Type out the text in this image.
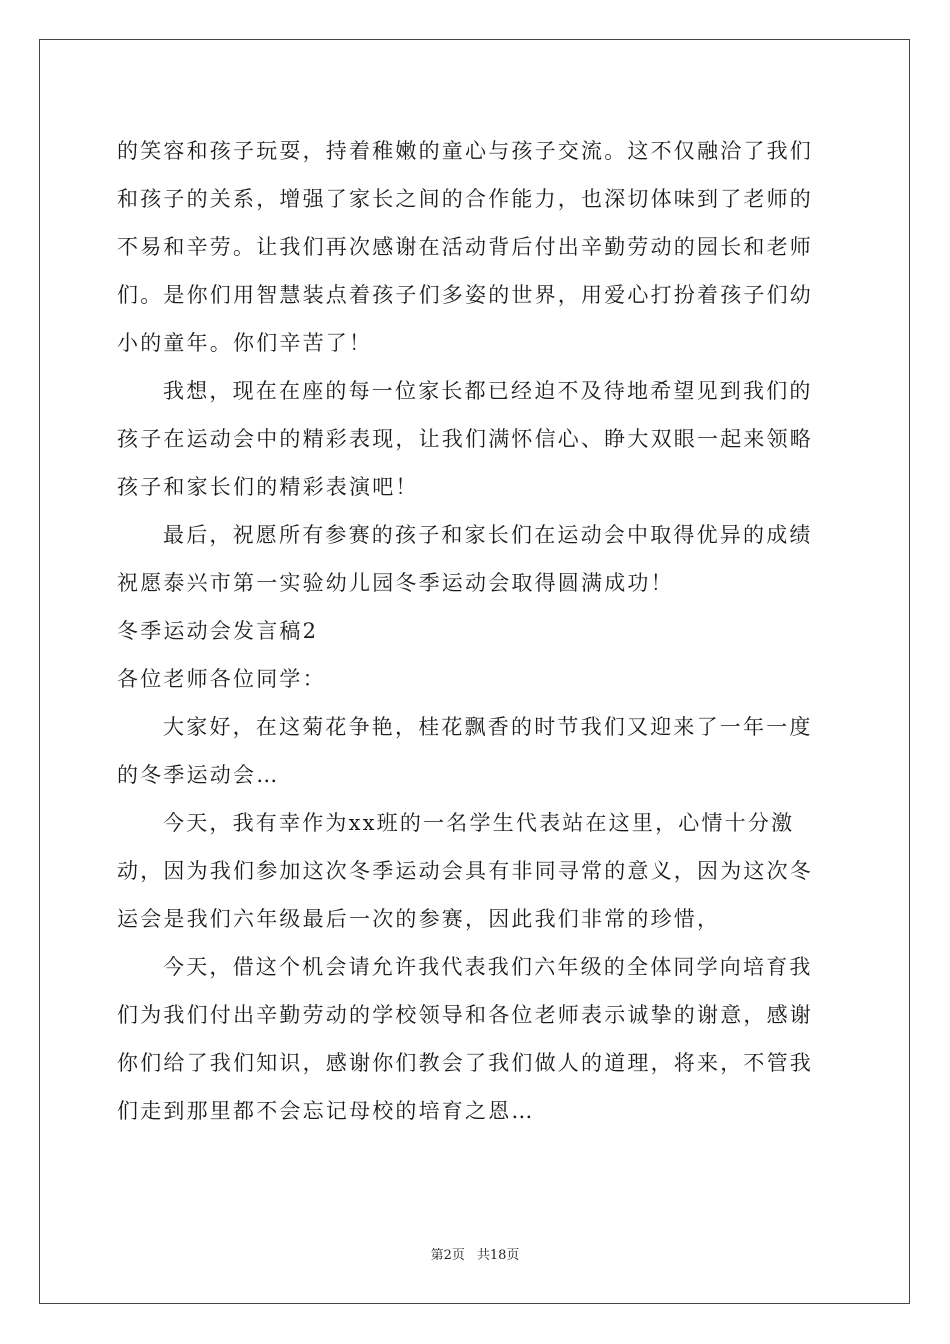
的笑容和孩子玩耍，持着稚嫩的童心与孩子交流。这不仅融洽了我们
和孩子的关系，增强了家长之间的合作能力，也深切体味到了老师的
不易和辛劳。让我们再次感谢在活动背后付出辛勤劳动的园长和老师
们。是你们用智慧装点着孩子们多姿的世界，用爱心打扮着孩子们幼
小的童年。你们辛苦了！
我想，现在在座的每一位家长都已经迫不及待地希望见到我们的
孩子在运动会中的精彩表现，让我们满怀信心、睁大双眼一起来领略
孩子和家长们的精彩表演吧！
最后，祝愿所有参赛的孩子和家长们在运动会中取得优异的成绩
祝愿泰兴市第一实验幼儿园冬季运动会取得圆满成功！
冬季运动会发言稿2
各位老师各位同学：
大家好，在这菊花争艳，桂花飘香的时节我们又迎来了一年一度
的冬季运动会…
今天，我有幸作为xx班的一名学生代表站在这里，心情十分激
动，因为我们参加这次冬季运动会具有非同寻常的意义，因为这次冬
运会是我们六年级最后一次的参赛，因此我们非常的珍惜，
今天，借这个机会请允许我代表我们六年级的全体同学向培育我
们为我们付出辛勤劳动的学校领导和各位老师表示诚挚的谢意，感谢
你们给了我们知识，感谢你们教会了我们做人的道理，将来，不管我
们走到那里都不会忘记母校的培育之恩…
第2页 共18页
